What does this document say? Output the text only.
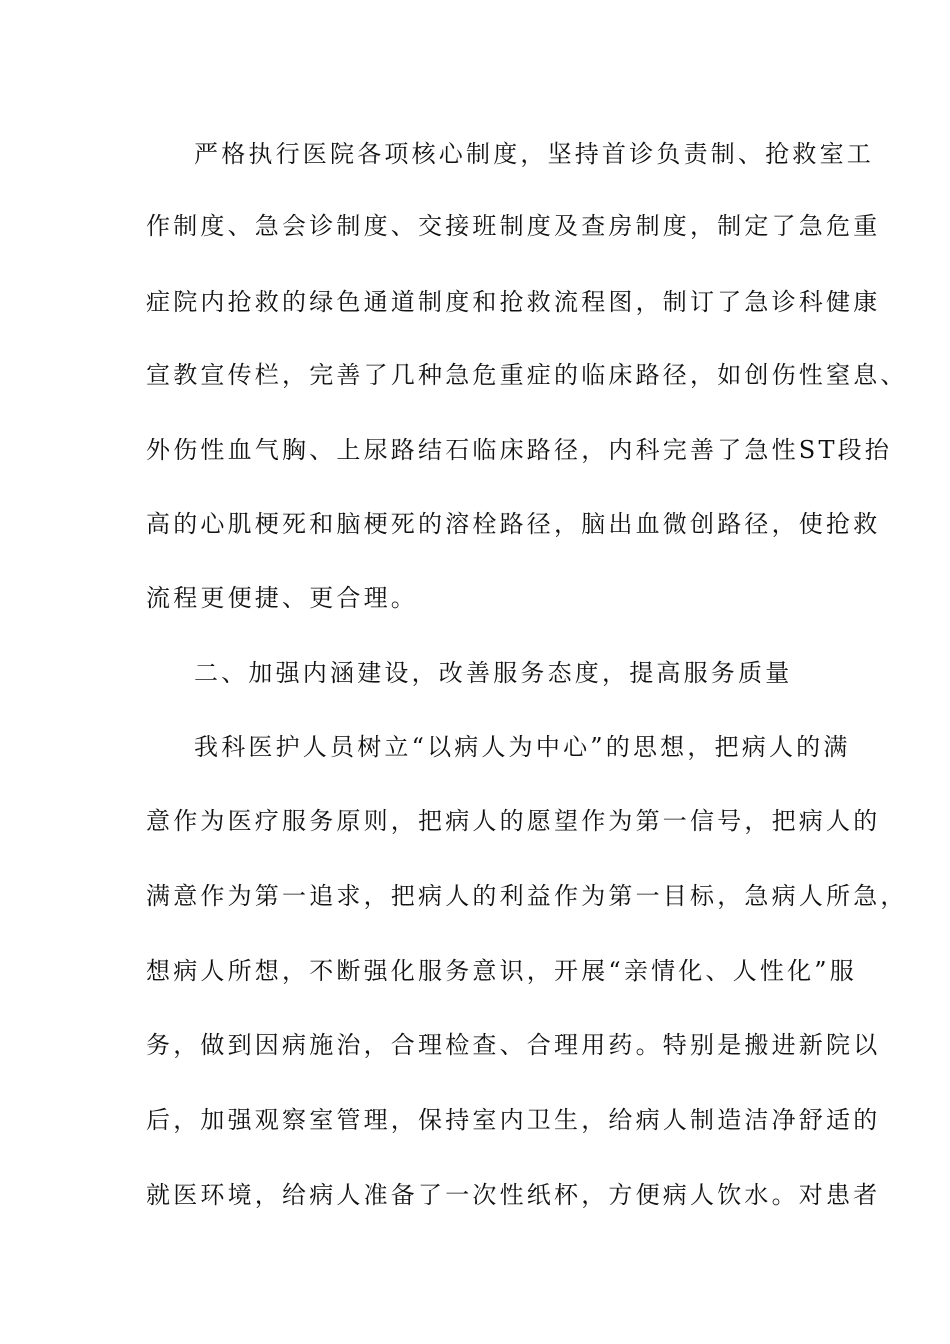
严格执行医院各项核心制度，坚持首诊负责制、抢救室工
作制度、急会诊制度、交接班制度及查房制度，制定了急危重
症院内抢救的绿色通道制度和抢救流程图，制订了急诊科健康
宣教宣传栏，完善了几种急危重症的临床路径，如创伤性窒息、
外伤性血气胸、上尿路结石临床路径，内科完善了急性ST段抬
高的心肌梗死和脑梗死的溶栓路径，脑出血微创路径，使抢救
流程更便捷、更合理。
二、加强内涵建设，改善服务态度，提高服务质量
我科医护人员树立“以病人为中心”的思想，把病人的满
意作为医疗服务原则，把病人的愿望作为第一信号，把病人的
满意作为第一追求，把病人的利益作为第一目标，急病人所急，
想病人所想，不断强化服务意识，开展“亲情化、人性化”服
务，做到因病施治，合理检查、合理用药。特别是搬进新院以
后，加强观察室管理，保持室内卫生，给病人制造洁净舒适的
就医环境，给病人准备了一次性纸杯，方便病人饮水。对患者
